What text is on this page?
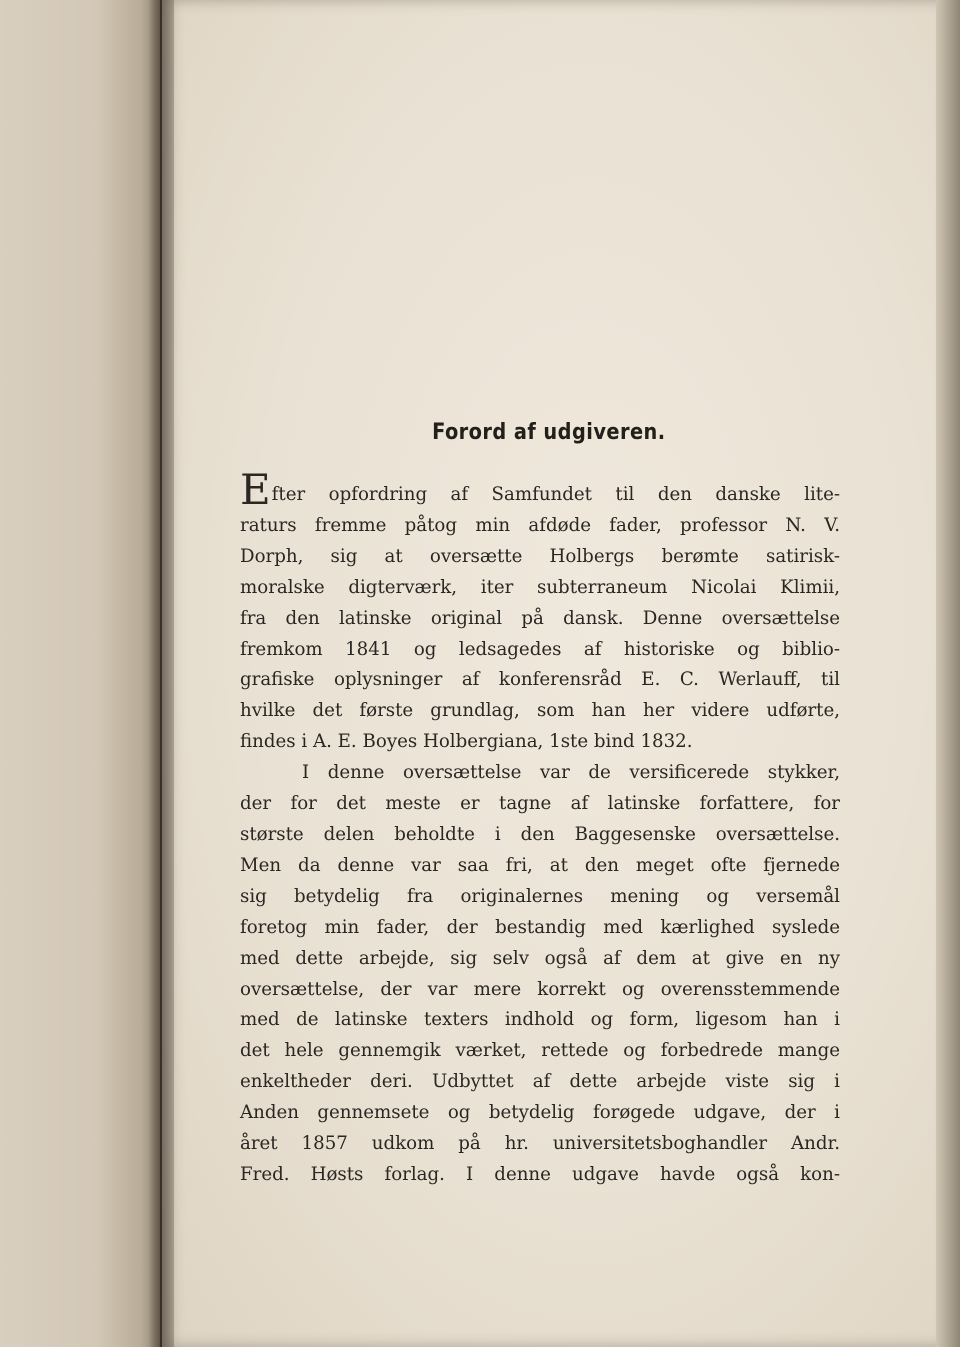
Forord af udgiveren.

Efter opfordring af Samfundet til den danske lite-
raturs fremme påtog min afdøde fader, professor N. V.
Dorph, sig at oversætte Holbergs berømte satirisk-
moralske digterværk, iter subterraneum Nicolai Klimii,
fra den latinske original på dansk. Denne oversættelse
fremkom 1841 og ledsagedes af historiske og biblio-
grafiske oplysninger af konferensråd E. C. Werlauff, til
hvilke det første grundlag, som han her videre udførte,
findes i A. E. Boyes Holbergiana, 1ste bind 1832.

I denne oversættelse var de versificerede stykker,
der for det meste er tagne af latinske forfattere, for
største delen beholdte i den Baggesenske oversættelse.
Men da denne var saa fri, at den meget ofte fjernede
sig betydelig fra originalernes mening og versemål
foretog min fader, der bestandig med kærlighed syslede
med dette arbejde, sig selv også af dem at give en ny
oversættelse, der var mere korrekt og overensstemmende
med de latinske texters indhold og form, ligesom han i
det hele gennemgik værket, rettede og forbedrede mange
enkeltheder deri. Udbyttet af dette arbejde viste sig i
Anden gennemsete og betydelig forøgede udgave, der i
året 1857 udkom på hr. universitetsboghandler Andr.
Fred. Høsts forlag. I denne udgave havde også kon-
